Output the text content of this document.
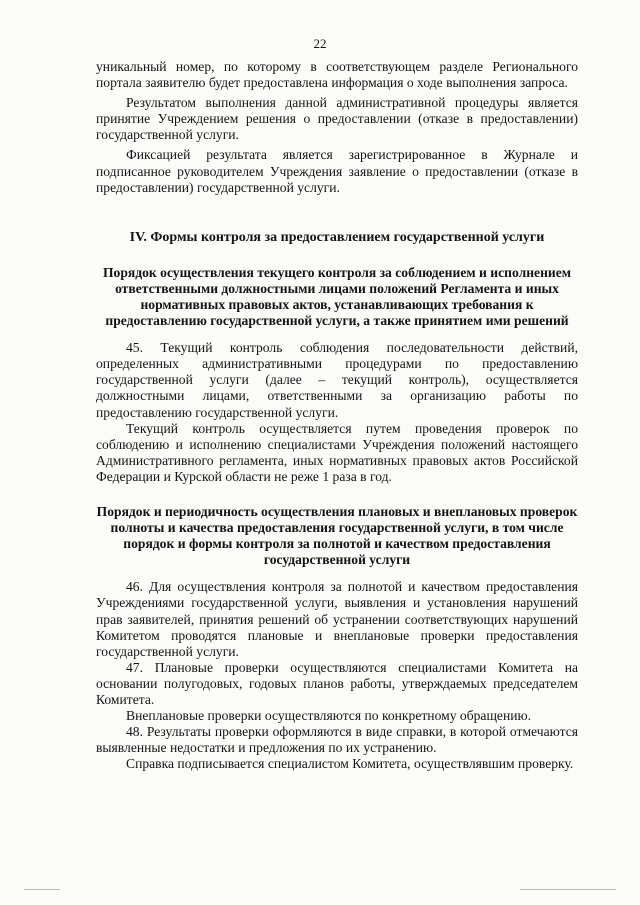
22

уникальный номер, по которому в соответствующем разделе Регионального портала заявителю будет предоставлена информация о ходе выполнения запроса.

Результатом выполнения данной административной процедуры является принятие Учреждением решения о предоставлении (отказе в предоставлении) государственной услуги.

Фиксацией результата является зарегистрированное в Журнале и подписанное руководителем Учреждения заявление о предоставлении (отказе в предоставлении) государственной услуги.

IV. Формы контроля за предоставлением государственной услуги
Порядок осуществления текущего контроля за соблюдением и исполнением ответственными должностными лицами положений Регламента и иных нормативных правовых актов, устанавливающих требования к предоставлению государственной услуги, а также принятием ими решений

45. Текущий контроль соблюдения последовательности действий, определенных административными процедурами по предоставлению государственной услуги (далее – текущий контроль), осуществляется должностными лицами, ответственными за организацию работы по предоставлению государственной услуги.

Текущий контроль осуществляется путем проведения проверок по соблюдению и исполнению специалистами Учреждения положений настоящего Административного регламента, иных нормативных правовых актов Российской Федерации и Курской области не реже 1 раза в год.

Порядок и периодичность осуществления плановых и внеплановых проверок полноты и качества предоставления государственной услуги, в том числе порядок и формы контроля за полнотой и качеством предоставления государственной услуги

46. Для осуществления контроля за полнотой и качеством предоставления Учреждениями государственной услуги, выявления и установления нарушений прав заявителей, принятия решений об устранении соответствующих нарушений Комитетом проводятся плановые и внеплановые проверки предоставления государственной услуги.

47. Плановые проверки осуществляются специалистами Комитета на основании полугодовых, годовых планов работы, утверждаемых председателем Комитета.

Внеплановые проверки осуществляются по конкретному обращению.

48. Результаты проверки оформляются в виде справки, в которой отмечаются выявленные недостатки и предложения по их устранению.

Справка подписывается специалистом Комитета, осуществлявшим проверку.
